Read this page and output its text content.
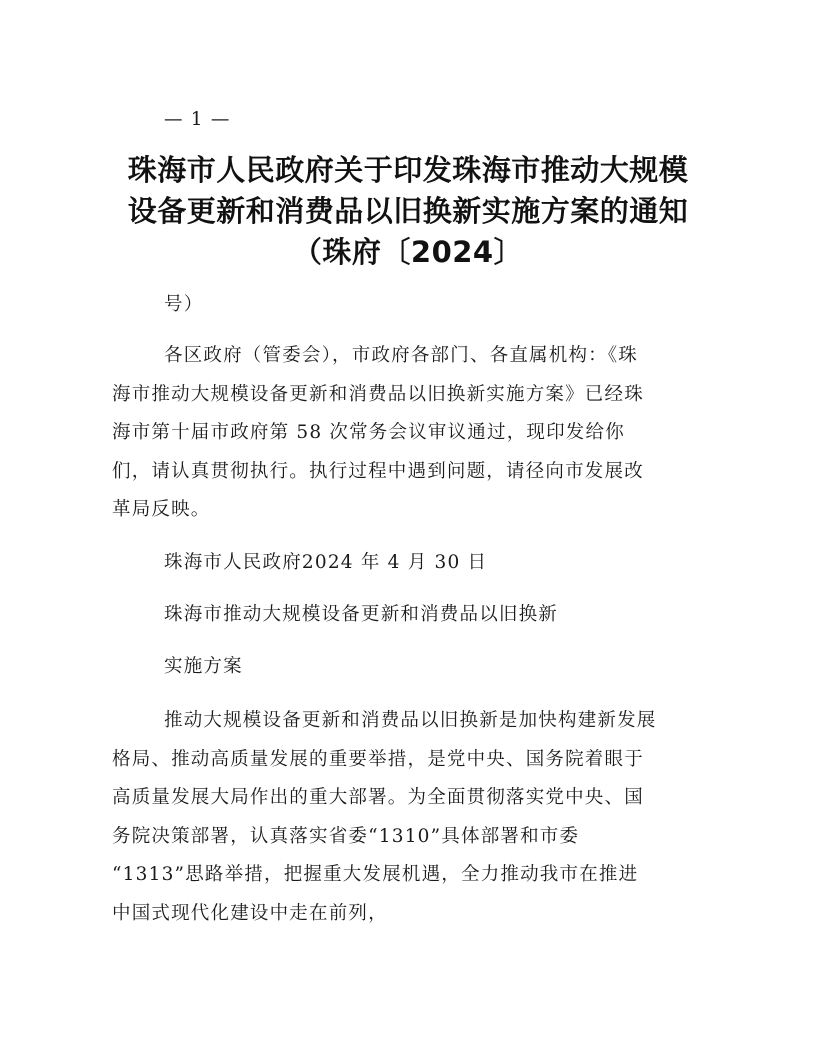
— 1 —
珠海市人民政府关于印发珠海市推动大规模
设备更新和消费品以旧换新实施方案的通知
（珠府〔2024〕
号）
各区政府（管委会），市政府各部门、各直属机构：《珠
海市推动大规模设备更新和消费品以旧换新实施方案》已经珠
海市第十届市政府第 58 次常务会议审议通过，现印发给你
们，请认真贯彻执行。执行过程中遇到问题，请径向市发展改
革局反映。
珠海市人民政府2024 年 4 月 30 日
珠海市推动大规模设备更新和消费品以旧换新
实施方案
推动大规模设备更新和消费品以旧换新是加快构建新发展
格局、推动高质量发展的重要举措，是党中央、国务院着眼于
高质量发展大局作出的重大部署。为全面贯彻落实党中央、国
务院决策部署，认真落实省委“1310”具体部署和市委
“1313”思路举措，把握重大发展机遇，全力推动我市在推进
中国式现代化建设中走在前列，
